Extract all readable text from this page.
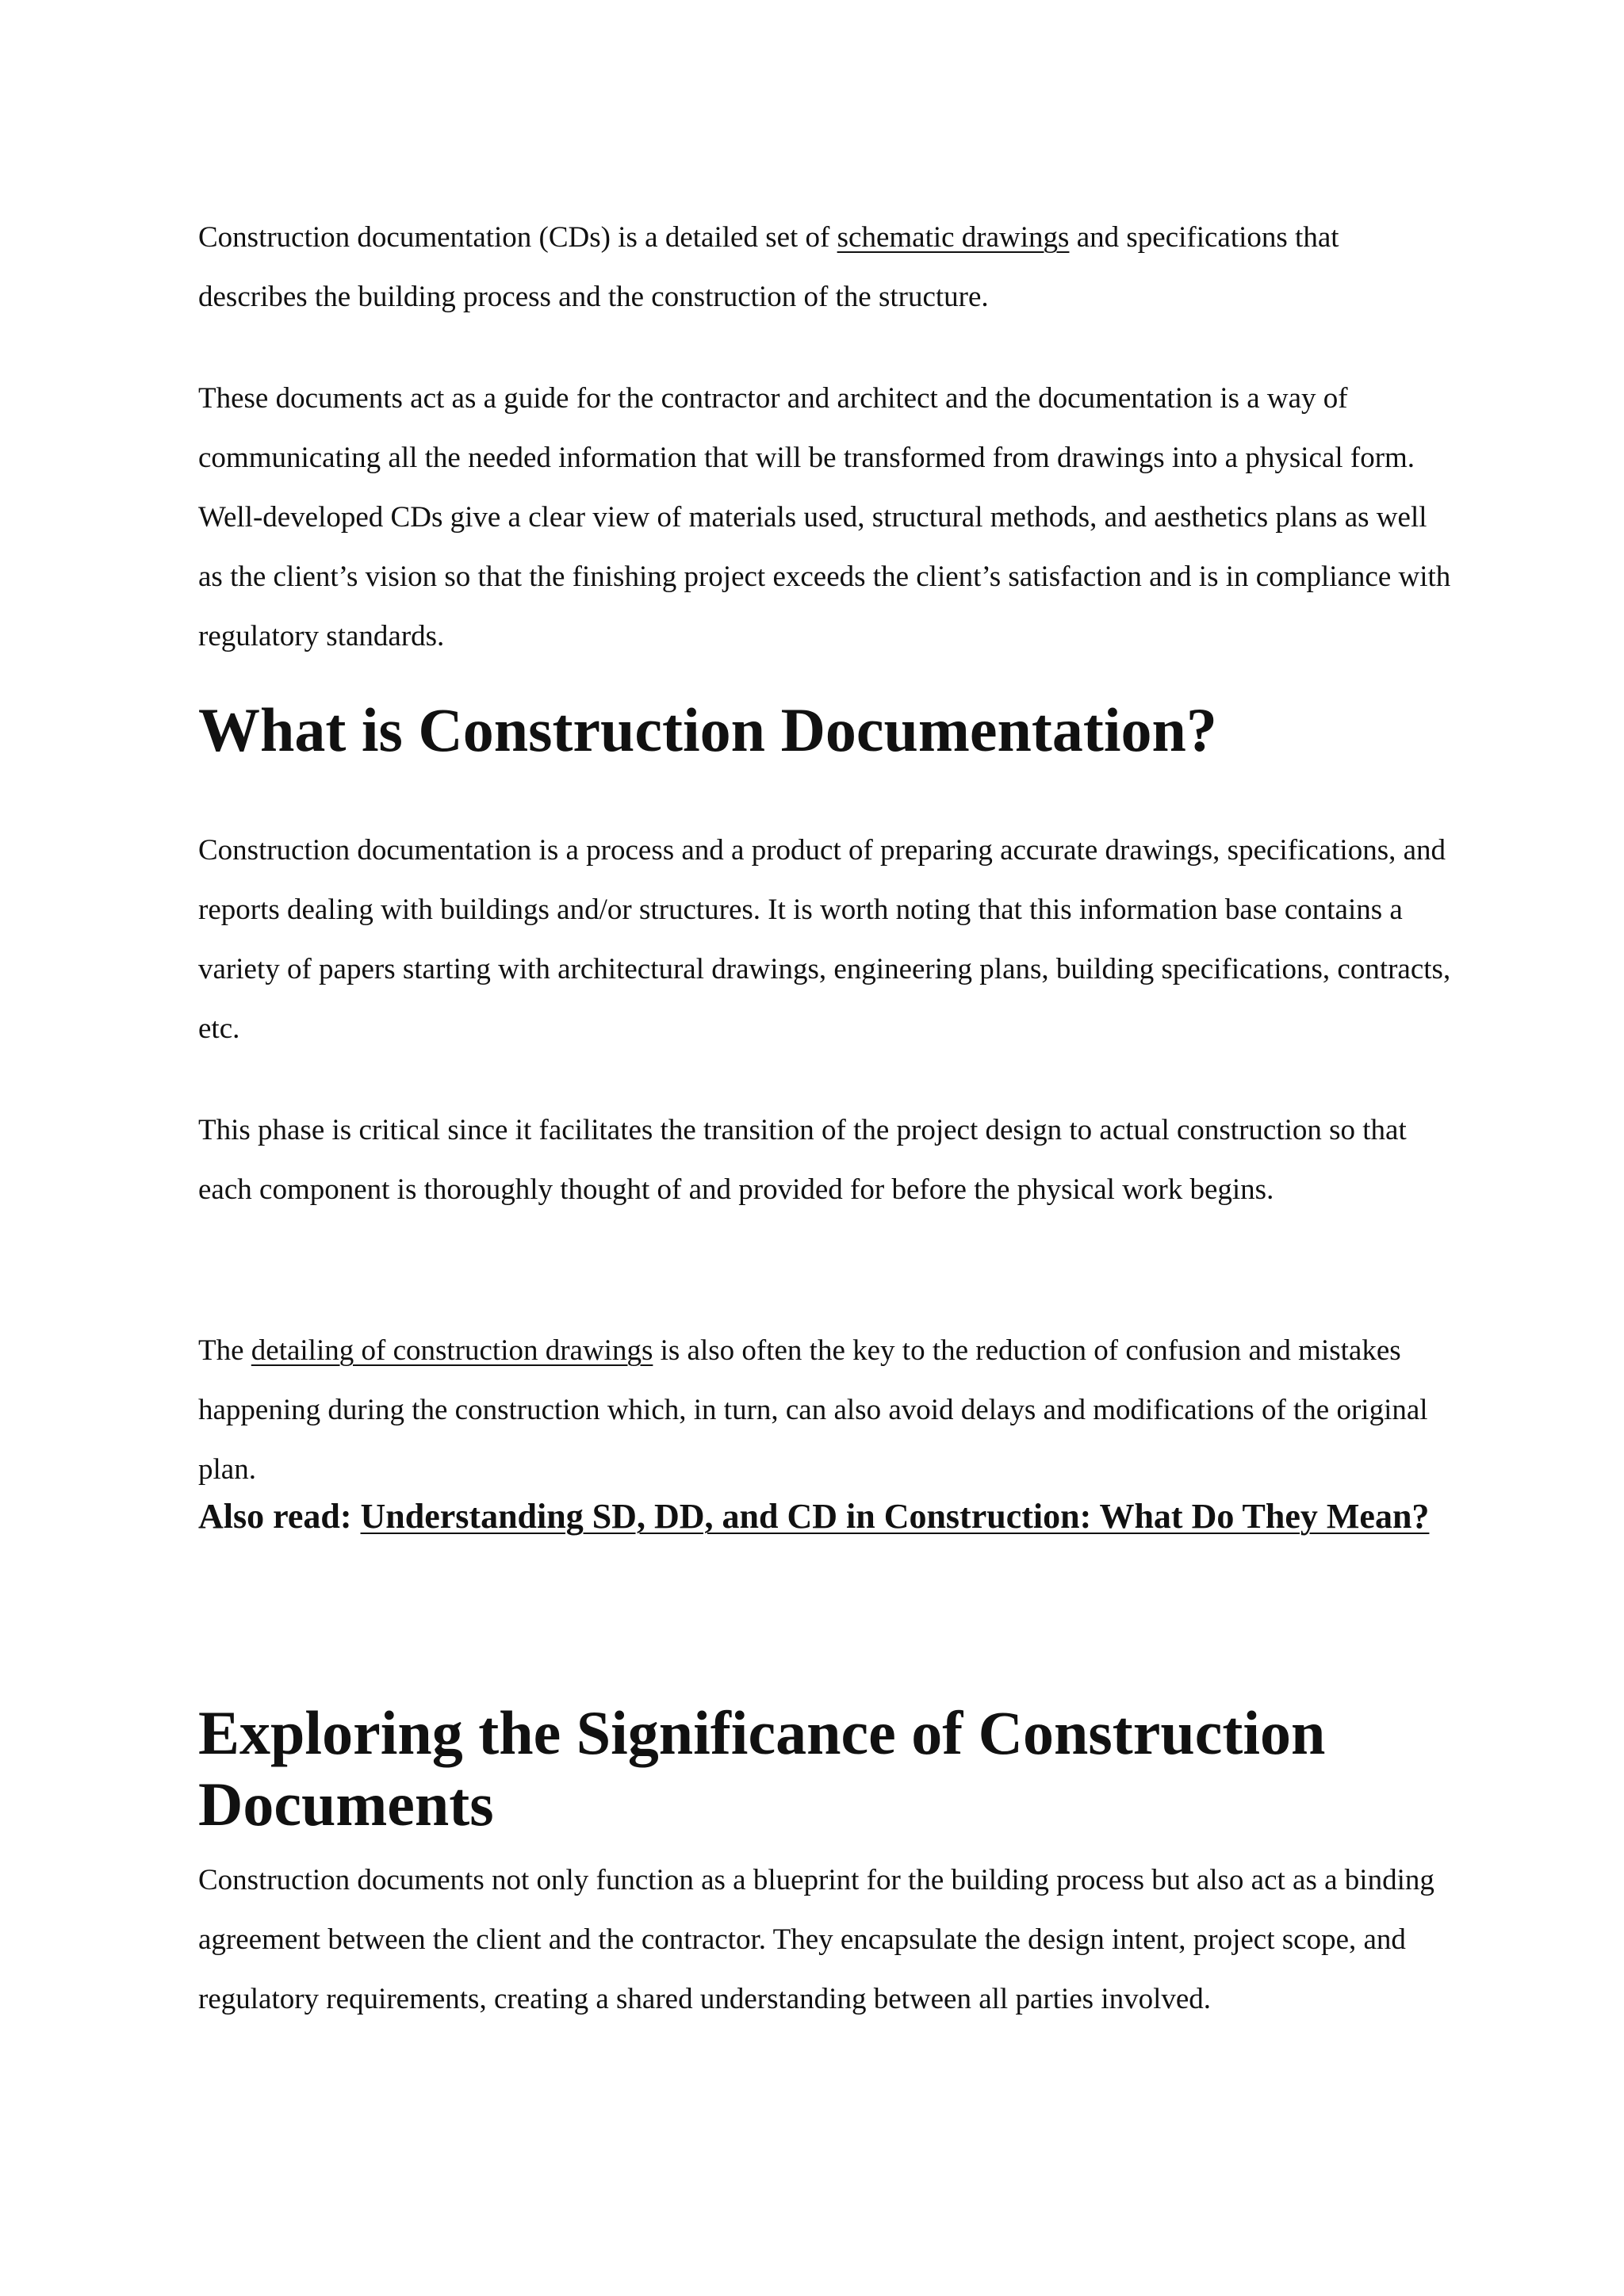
Construction documentation (CDs) is a detailed set of schematic drawings and specifications that describes the building process and the construction of the structure.

These documents act as a guide for the contractor and architect and the documentation is a way of communicating all the needed information that will be transformed from drawings into a physical form. Well-developed CDs give a clear view of materials used, structural methods, and aesthetics plans as well as the client’s vision so that the finishing project exceeds the client’s satisfaction and is in compliance with regulatory standards.

What is Construction Documentation?

Construction documentation is a process and a product of preparing accurate drawings, specifications, and reports dealing with buildings and/or structures. It is worth noting that this information base contains a variety of papers starting with architectural drawings, engineering plans, building specifications, contracts, etc.

This phase is critical since it facilitates the transition of the project design to actual construction so that each component is thoroughly thought of and provided for before the physical work begins.

The detailing of construction drawings is also often the key to the reduction of confusion and mistakes happening during the construction which, in turn, can also avoid delays and modifications of the original plan.

Also read: Understanding SD, DD, and CD in Construction: What Do They Mean?

Exploring the Significance of Construction Documents

Construction documents not only function as a blueprint for the building process but also act as a binding agreement between the client and the contractor. They encapsulate the design intent, project scope, and regulatory requirements, creating a shared understanding between all parties involved.
